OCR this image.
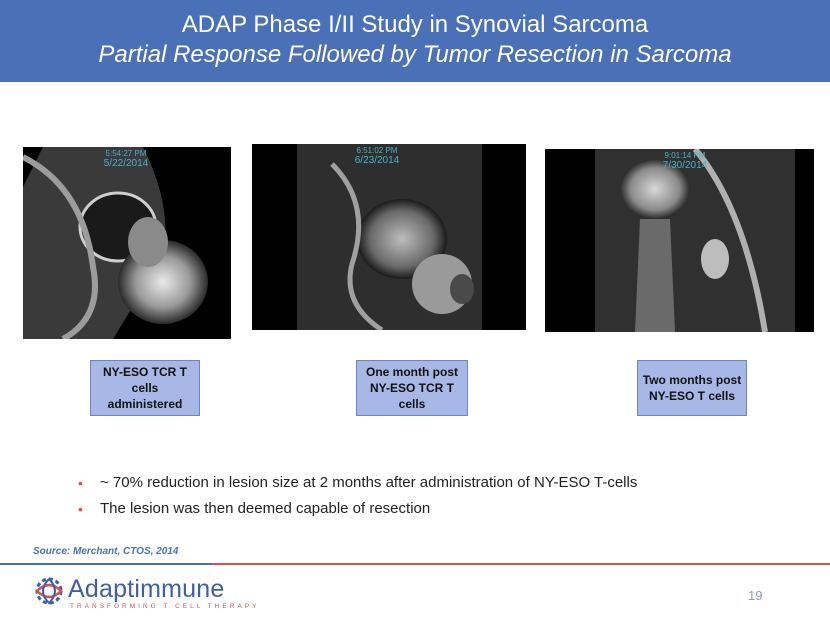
ADAP Phase I/II Study in Synovial Sarcoma
Partial Response Followed by Tumor Resection in Sarcoma
5:54:27 PM
5/22/2014
6:51:02 PM
6/23/2014	9:01:14 PM
7/30/2014
NY-ESO TCR T cells administered
One month post NY-ESO TCR T cells
Two months post NY-ESO T cells
• ~ 70% reduction in lesion size at 2 months after administration of NY-ESO T-cells
• The lesion was then deemed capable of resection
Source: Merchant, CTOS, 2014
Adaptimmune
TRANSFORMING T CELL THERAPY
19
